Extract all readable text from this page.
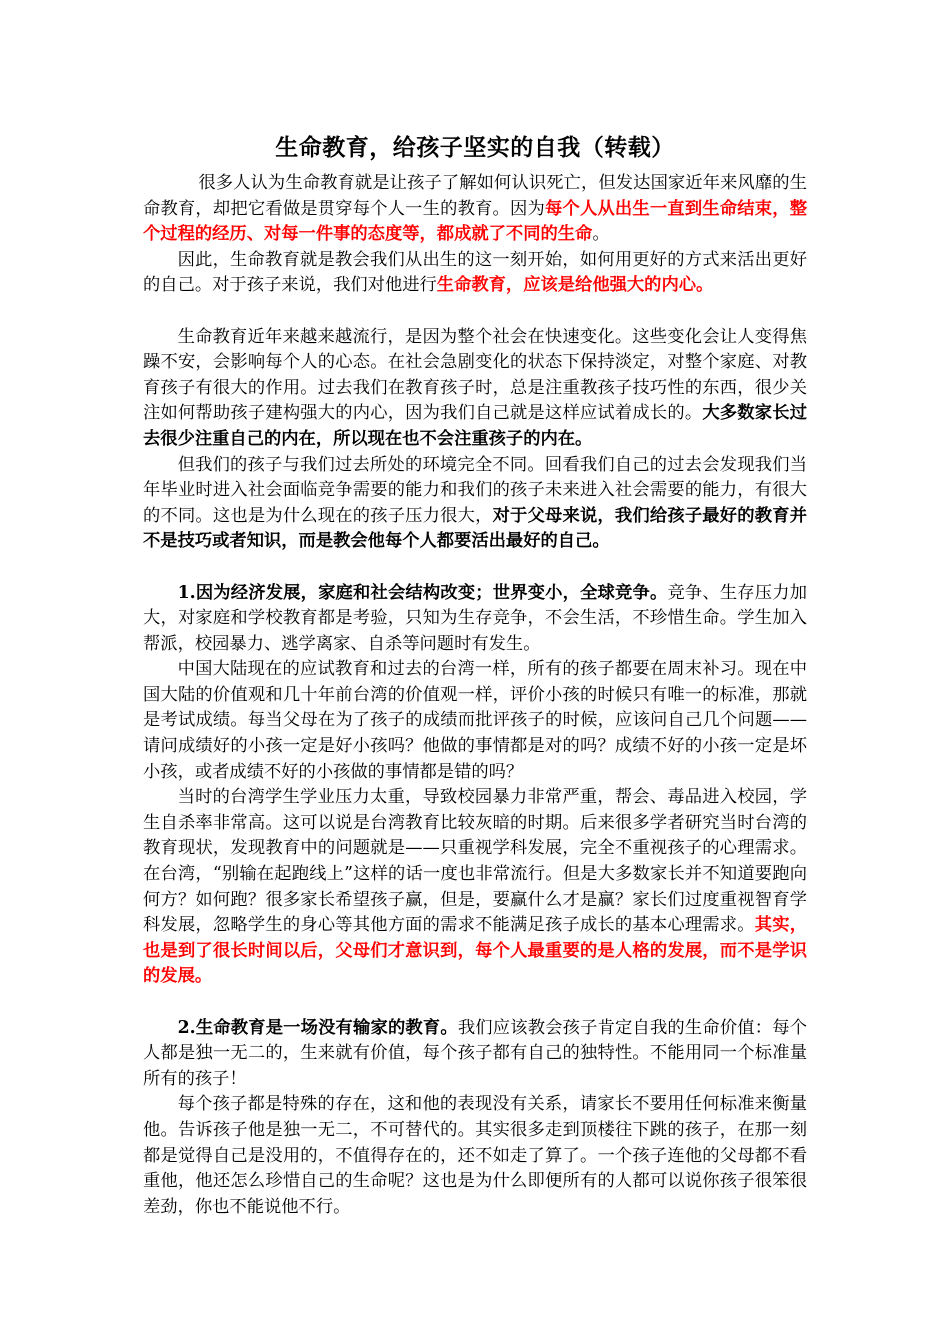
生命教育，给孩子坚实的自我（转载）

很多人认为生命教育就是让孩子了解如何认识死亡，但发达国家近年来风靡的生命教育，却把它看做是贯穿每个人一生的教育。因为每个人从出生一直到生命结束，整个过程的经历、对每一件事的态度等，都成就了不同的生命。

因此，生命教育就是教会我们从出生的这一刻开始，如何用更好的方式来活出更好的自己。对于孩子来说，我们对他进行生命教育，应该是给他强大的内心。

生命教育近年来越来越流行，是因为整个社会在快速变化。这些变化会让人变得焦躁不安，会影响每个人的心态。在社会急剧变化的状态下保持淡定，对整个家庭、对教育孩子有很大的作用。过去我们在教育孩子时，总是注重教孩子技巧性的东西，很少关注如何帮助孩子建构强大的内心，因为我们自己就是这样应试着成长的。大多数家长过去很少注重自己的内在，所以现在也不会注重孩子的内在。

但我们的孩子与我们过去所处的环境完全不同。回看我们自己的过去会发现我们当年毕业时进入社会面临竞争需要的能力和我们的孩子未来进入社会需要的能力，有很大的不同。这也是为什么现在的孩子压力很大，对于父母来说，我们给孩子最好的教育并不是技巧或者知识，而是教会他每个人都要活出最好的自己。

1.因为经济发展，家庭和社会结构改变；世界变小，全球竞争。竞争、生存压力加大，对家庭和学校教育都是考验，只知为生存竞争，不会生活，不珍惜生命。学生加入帮派，校园暴力、逃学离家、自杀等问题时有发生。

中国大陆现在的应试教育和过去的台湾一样，所有的孩子都要在周末补习。现在中国大陆的价值观和几十年前台湾的价值观一样，评价小孩的时候只有唯一的标准，那就是考试成绩。每当父母在为了孩子的成绩而批评孩子的时候，应该问自己几个问题——请问成绩好的小孩一定是好小孩吗？他做的事情都是对的吗？成绩不好的小孩一定是坏小孩，或者成绩不好的小孩做的事情都是错的吗？

当时的台湾学生学业压力太重，导致校园暴力非常严重，帮会、毒品进入校园，学生自杀率非常高。这可以说是台湾教育比较灰暗的时期。后来很多学者研究当时台湾的教育现状，发现教育中的问题就是——只重视学科发展，完全不重视孩子的心理需求。在台湾，“别输在起跑线上”这样的话一度也非常流行。但是大多数家长并不知道要跑向何方？如何跑？很多家长希望孩子赢，但是，要赢什么才是赢？家长们过度重视智育学科发展，忽略学生的身心等其他方面的需求不能满足孩子成长的基本心理需求。其实，也是到了很长时间以后，父母们才意识到，每个人最重要的是人格的发展，而不是学识的发展。

2.生命教育是一场没有输家的教育。我们应该教会孩子肯定自我的生命价值：每个人都是独一无二的，生来就有价值，每个孩子都有自己的独特性。不能用同一个标准量所有的孩子！

每个孩子都是特殊的存在，这和他的表现没有关系，请家长不要用任何标准来衡量他。告诉孩子他是独一无二，不可替代的。其实很多走到顶楼往下跳的孩子，在那一刻都是觉得自己是没用的，不值得存在的，还不如走了算了。一个孩子连他的父母都不看重他，他还怎么珍惜自己的生命呢？这也是为什么即便所有的人都可以说你孩子很笨很差劲，你也不能说他不行。
